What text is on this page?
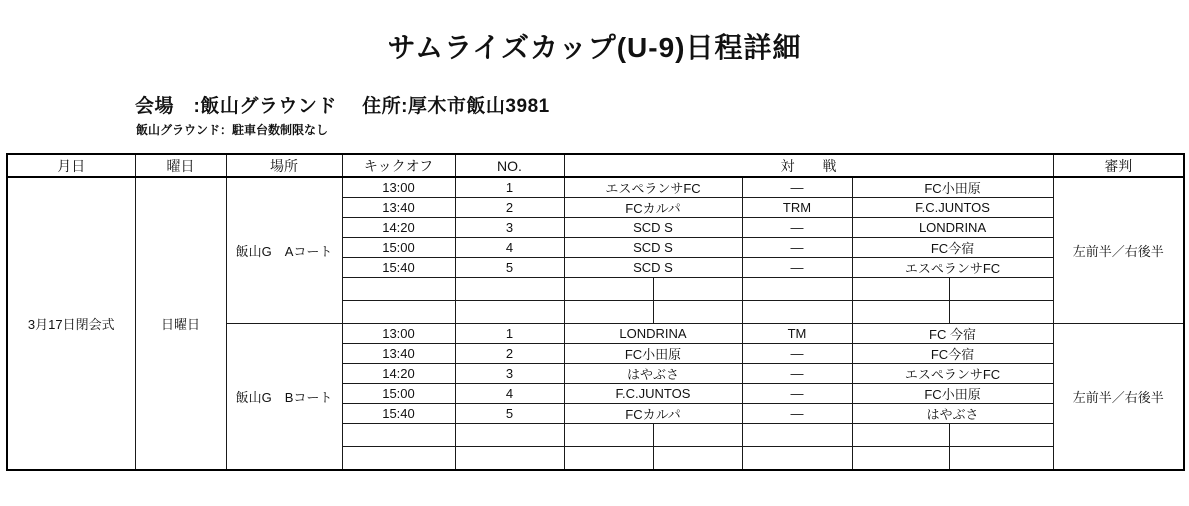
サムライズカップ(U-9)日程詳細
会場　:飯山グラウンド　 住所:厚木市飯山3981
飯山グラウンド：駐車台数制限なし
月日	曜日	場所	キックオフ	NO.	対　　戦					審判
3月17日閉会式	日曜日	飯山G　Aコート	13:00	1	エスペランサFC		—	FC小田原		左前半／右後半
			13:40	2	FCカルパ		TRM	F.C.JUNTOS		
			14:20	3	SCD S		—	LONDRINA		
			15:00	4	SCD S		—	FC今宿		
			15:40	5	SCD S		—	エスペランサFC		

		飯山G　Bコート	13:00	1	LONDRINA		TM	FC 今宿		左前半／右後半
			13:40	2	FC小田原		—	FC今宿		
			14:20	3	はやぶさ		—	エスペランサFC		
			15:00	4	F.C.JUNTOS		—	FC小田原		
			15:40	5	FCカルパ		—	はやぶさ		
